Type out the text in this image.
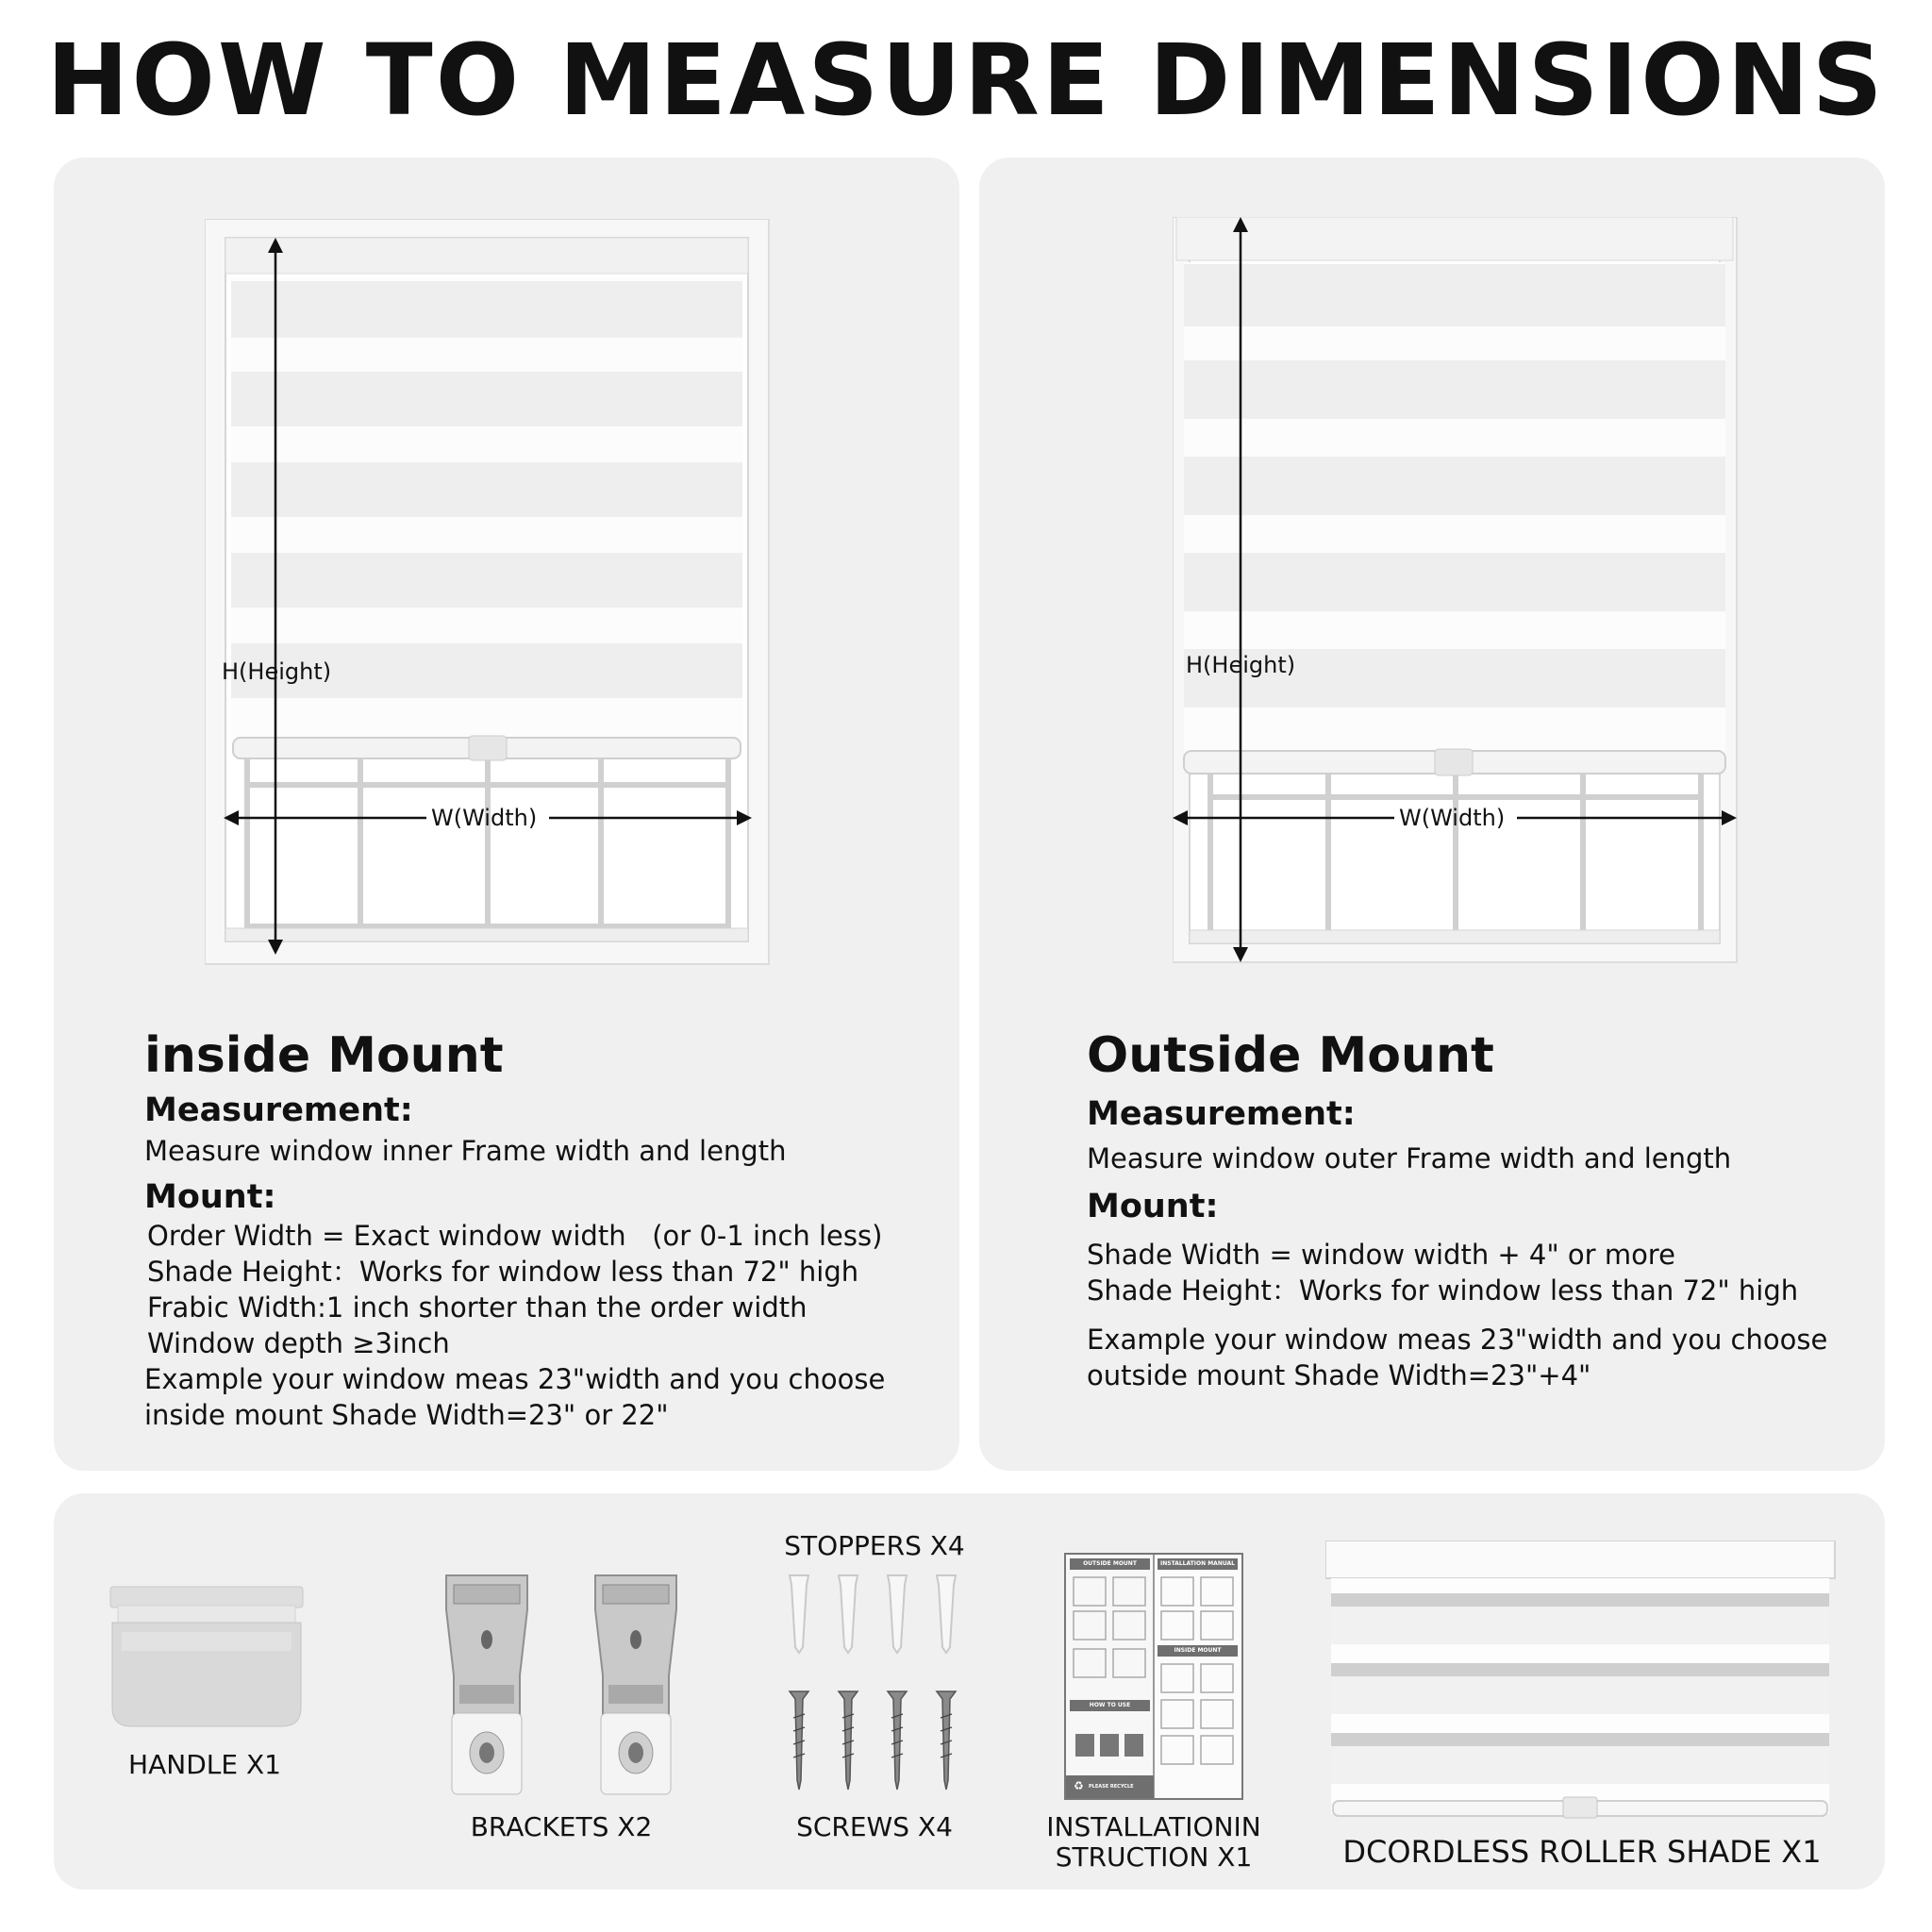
HOW TO MEASURE DIMENSIONS
H(Height)
W(Width)
inside Mount
Measurement:
Measure window inner Frame width and length
Mount:
Order Width = Exact window width   (or 0-1 inch less)
Shade Height：Works for window less than 72" high
Frabic Width:1 inch shorter than the order width
Window depth ≥3inch
Example your window meas 23"width and you choose
inside mount Shade Width=23" or 22"
H(Height)
W(Width)
Outside Mount
Measurement:
Measure window outer Frame width and length
Mount:
Shade Width = window width + 4" or more
Shade Height：Works for window less than 72" high
Example your window meas 23"width and you choose
outside mount Shade Width=23"+4"
HANDLE X1
BRACKETS X2
STOPPERS X4
SCREWS X4
OUTSIDE MOUNT	INSTALLATION MANUAL
INSIDE MOUNT
HOW TO USE
PLEASE RECYCLE
♻
INSTALLATIONIN
STRUCTION X1	DCORDLESS ROLLER SHADE X1
